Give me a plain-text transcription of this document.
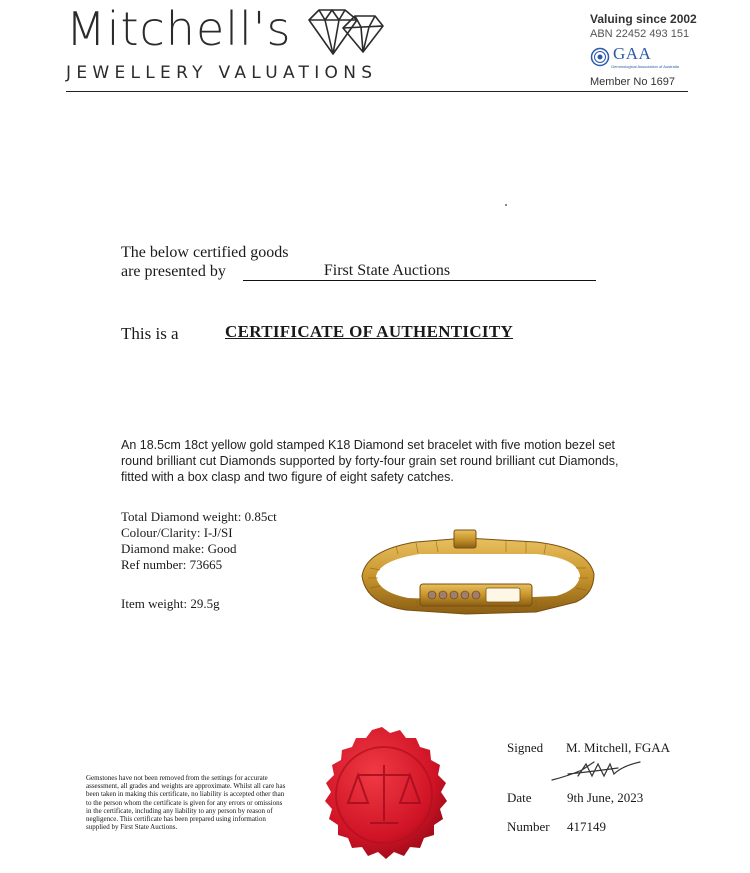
Mitchell's
JEWELLERY VALUATIONS
Valuing since 2002
ABN 22452 493 151
GAA
Gemmological Association of Australia
Member No 1697
The below certified goods
are presented by	First State Auctions
This is a	CERTIFICATE OF AUTHENTICITY
An 18.5cm 18ct yellow gold stamped K18 Diamond set bracelet with five motion bezel set round brilliant cut Diamonds supported by forty-four grain set round brilliant cut Diamonds, fitted with a box clasp and two figure of eight safety catches.
Total Diamond weight: 0.85ct
Colour/Clarity: I-J/SI
Diamond make: Good
Ref number: 73665
Item weight: 29.5g
Gemstones have not been removed from the settings for accurate assessment, all grades and weights are approximate. Whilst all care has been taken in making this certificate, no liability is accepted other than to the person whom the certificate is given for any errors or omissions in the certificate, including any liability to any person by reason of negligence. This certificate has been prepared using information supplied by First State Auctions.
Signed M. Mitchell, FGAA
Date	9th June, 2023
Number 417149
